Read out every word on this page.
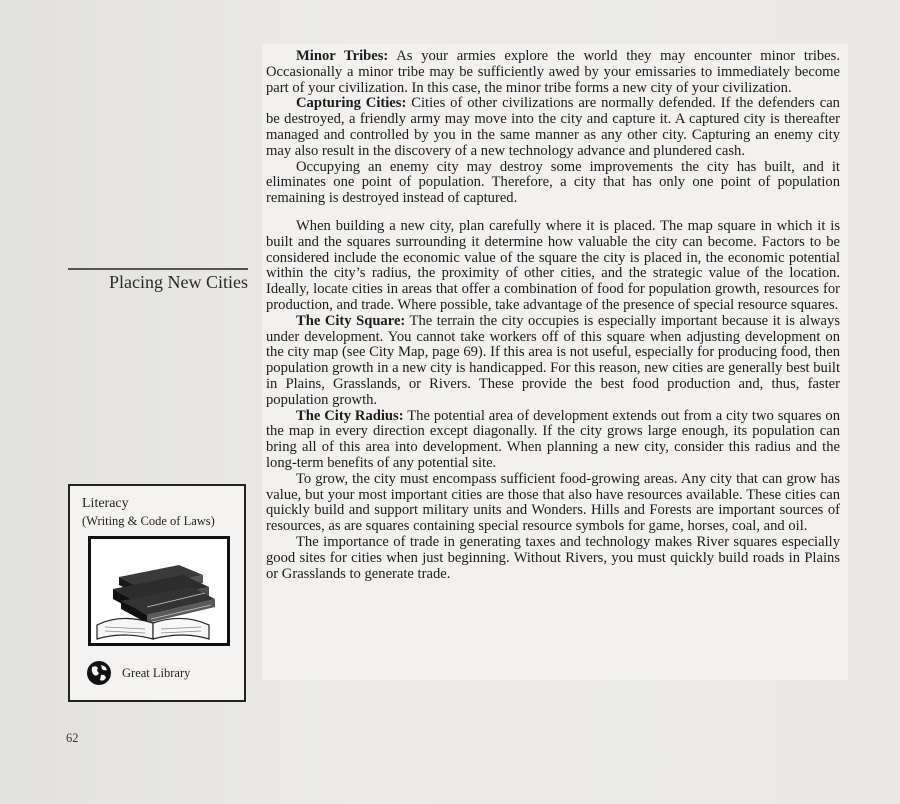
Placing New Cities

Minor Tribes: As your armies explore the world they may encounter minor tribes. Occasionally a minor tribe may be sufficiently awed by your emissaries to immediately become part of your civilization. In this case, the minor tribe forms a new city of your civilization.

Capturing Cities: Cities of other civilizations are normally defended. If the defenders can be destroyed, a friendly army may move into the city and capture it. A captured city is thereafter managed and controlled by you in the same manner as any other city. Capturing an enemy city may also result in the discovery of a new technology advance and plundered cash.

Occupying an enemy city may destroy some improvements the city has built, and it eliminates one point of population. Therefore, a city that has only one point of population remaining is destroyed instead of captured.

When building a new city, plan carefully where it is placed. The map square in which it is built and the squares surrounding it determine how valuable the city can become. Factors to be considered include the economic value of the square the city is placed in, the economic potential within the city’s radius, the proximity of other cities, and the strategic value of the location. Ideally, locate cities in areas that offer a combination of food for population growth, resources for production, and trade. Where possible, take advantage of the presence of special resource squares.

The City Square: The terrain the city occupies is especially important because it is always under development. You cannot take workers off of this square when adjusting development on the city map (see City Map, page 69). If this area is not useful, especially for producing food, then population growth in a new city is handicapped. For this reason, new cities are generally best built in Plains, Grasslands, or Rivers. These provide the best food production and, thus, faster population growth.

The City Radius: The potential area of development extends out from a city two squares on the map in every direction except diagonally. If the city grows large enough, its population can bring all of this area into development. When planning a new city, consider this radius and the long-term benefits of any potential site.

To grow, the city must encompass sufficient food-growing areas. Any city that can grow has value, but your most important cities are those that also have resources available. These cities can quickly build and support military units and Wonders. Hills and Forests are important sources of resources, as are squares containing special resource symbols for game, horses, coal, and oil.

The importance of trade in generating taxes and technology makes River squares especially good sites for cities when just beginning. Without Rivers, you must quickly build roads in Plains or Grasslands to generate trade.

Literacy
(Writing & Code of Laws)
Great Library
62
